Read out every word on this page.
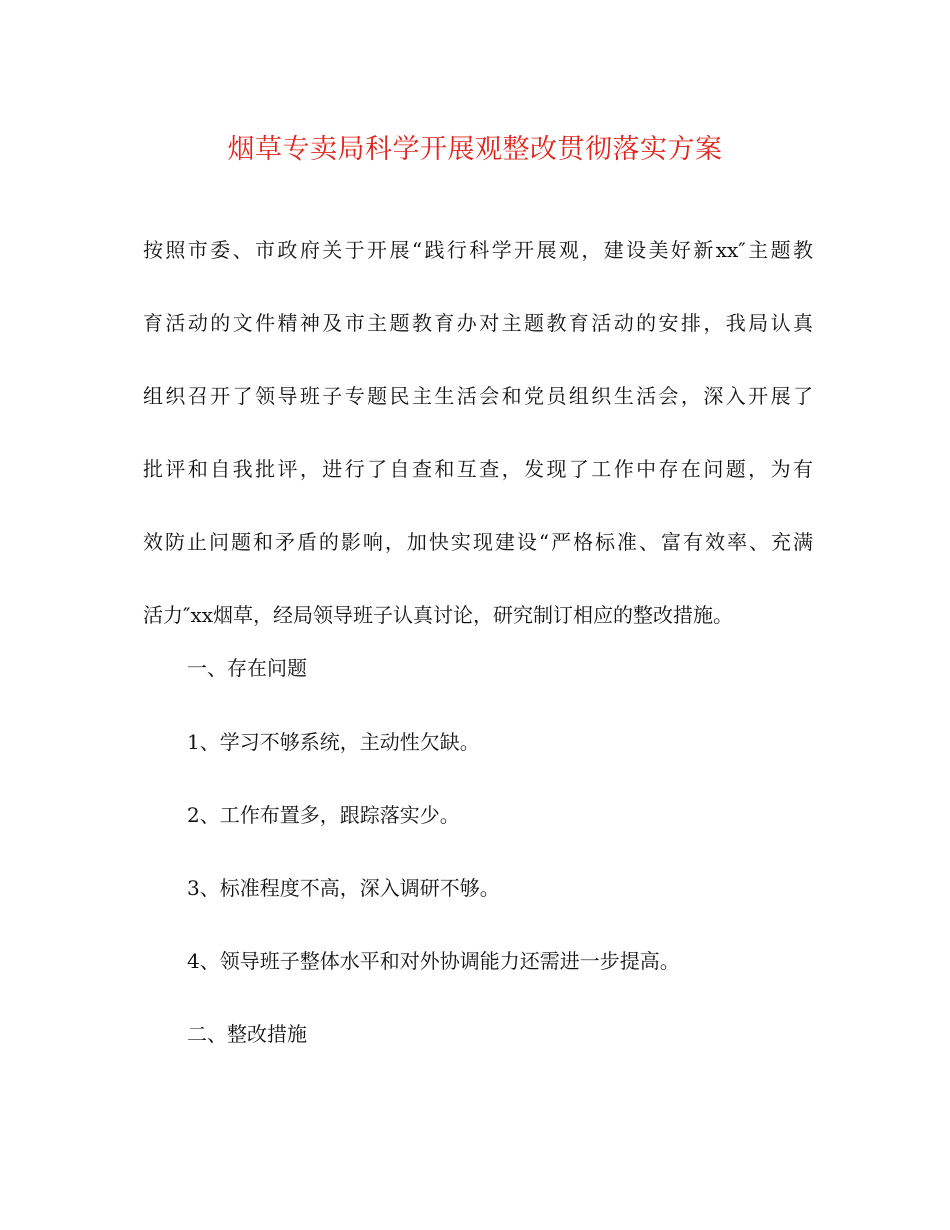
烟草专卖局科学开展观整改贯彻落实方案

按照市委、市政府关于开展“践行科学开展观，建设美好新xx″主题教
育活动的文件精神及市主题教育办对主题教育活动的安排，我局认真
组织召开了领导班子专题民主生活会和党员组织生活会，深入开展了
批评和自我批评，进行了自查和互查，发现了工作中存在问题，为有
效防止问题和矛盾的影响，加快实现建设“严格标准、富有效率、充满
活力″xx烟草，经局领导班子认真讨论，研究制订相应的整改措施。

一、存在问题

1、学习不够系统，主动性欠缺。

2、工作布置多，跟踪落实少。

3、标准程度不高，深入调研不够。

4、领导班子整体水平和对外协调能力还需进一步提高。

二、整改措施
